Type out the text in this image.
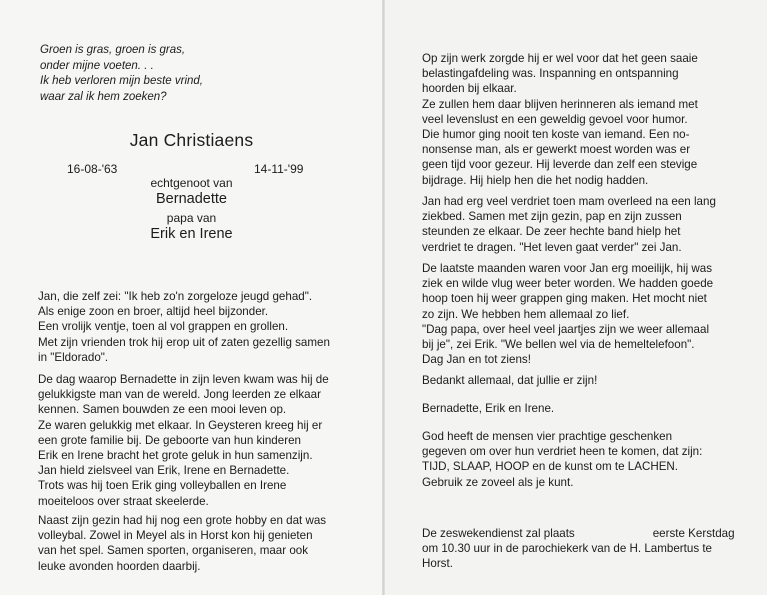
Groen is gras, groen is gras,
onder mijne voeten. . .
Ik heb verloren mijn beste vrind,
waar zal ik hem zoeken?
Jan Christiaens
16-08-'63	14-11-'99
echtgenoot van
Bernadette
papa van
Erik en Irene
Jan, die zelf zei: "Ik heb zo'n zorgeloze jeugd gehad".
Als enige zoon en broer, altijd heel bijzonder.
Een vrolijk ventje, toen al vol grappen en grollen.
Met zijn vrienden trok hij erop uit of zaten gezellig samen
in "Eldorado".
De dag waarop Bernadette in zijn leven kwam was hij de
gelukkigste man van de wereld. Jong leerden ze elkaar
kennen. Samen bouwden ze een mooi leven op.
Ze waren gelukkig met elkaar. In Geysteren kreeg hij er
een grote familie bij. De geboorte van hun kinderen
Erik en Irene bracht het grote geluk in hun samenzijn.
Jan hield zielsveel van Erik, Irene en Bernadette.
Trots was hij toen Erik ging volleyballen en Irene
moeiteloos over straat skeelerde.
Naast zijn gezin had hij nog een grote hobby en dat was
volleybal. Zowel in Meyel als in Horst kon hij genieten
van het spel. Samen sporten, organiseren, maar ook
leuke avonden hoorden daarbij.
Op zijn werk zorgde hij er wel voor dat het geen saaie
belastingafdeling was. Inspanning en ontspanning
hoorden bij elkaar.
Ze zullen hem daar blijven herinneren als iemand met
veel levenslust en een geweldig gevoel voor humor.
Die humor ging nooit ten koste van iemand. Een no-
nonsense man, als er gewerkt moest worden was er
geen tijd voor gezeur. Hij leverde dan zelf een stevige
bijdrage. Hij hielp hen die het nodig hadden.
Jan had erg veel verdriet toen mam overleed na een lang
ziekbed. Samen met zijn gezin, pap en zijn zussen
steunden ze elkaar. De zeer hechte band hielp het
verdriet te dragen. "Het leven gaat verder" zei Jan.
De laatste maanden waren voor Jan erg moeilijk, hij was
ziek en wilde vlug weer beter worden. We hadden goede
hoop toen hij weer grappen ging maken. Het mocht niet
zo zijn. We hebben hem allemaal zo lief.
"Dag papa, over heel veel jaartjes zijn we weer allemaal
bij je", zei Erik. "We bellen wel via de hemeltelefoon".
Dag Jan en tot ziens!
Bedankt allemaal, dat jullie er zijn!
Bernadette, Erik en Irene.
God heeft de mensen vier prachtige geschenken
gegeven om over hun verdriet heen te komen, dat zijn:
TIJD, SLAAP, HOOP en de kunst om te LACHEN.
Gebruik ze zoveel als je kunt.
De zeswekendienst zal plaats	eerste Kerstdag
om 10.30 uur in de parochiekerk van de H. Lambertus te
Horst.
